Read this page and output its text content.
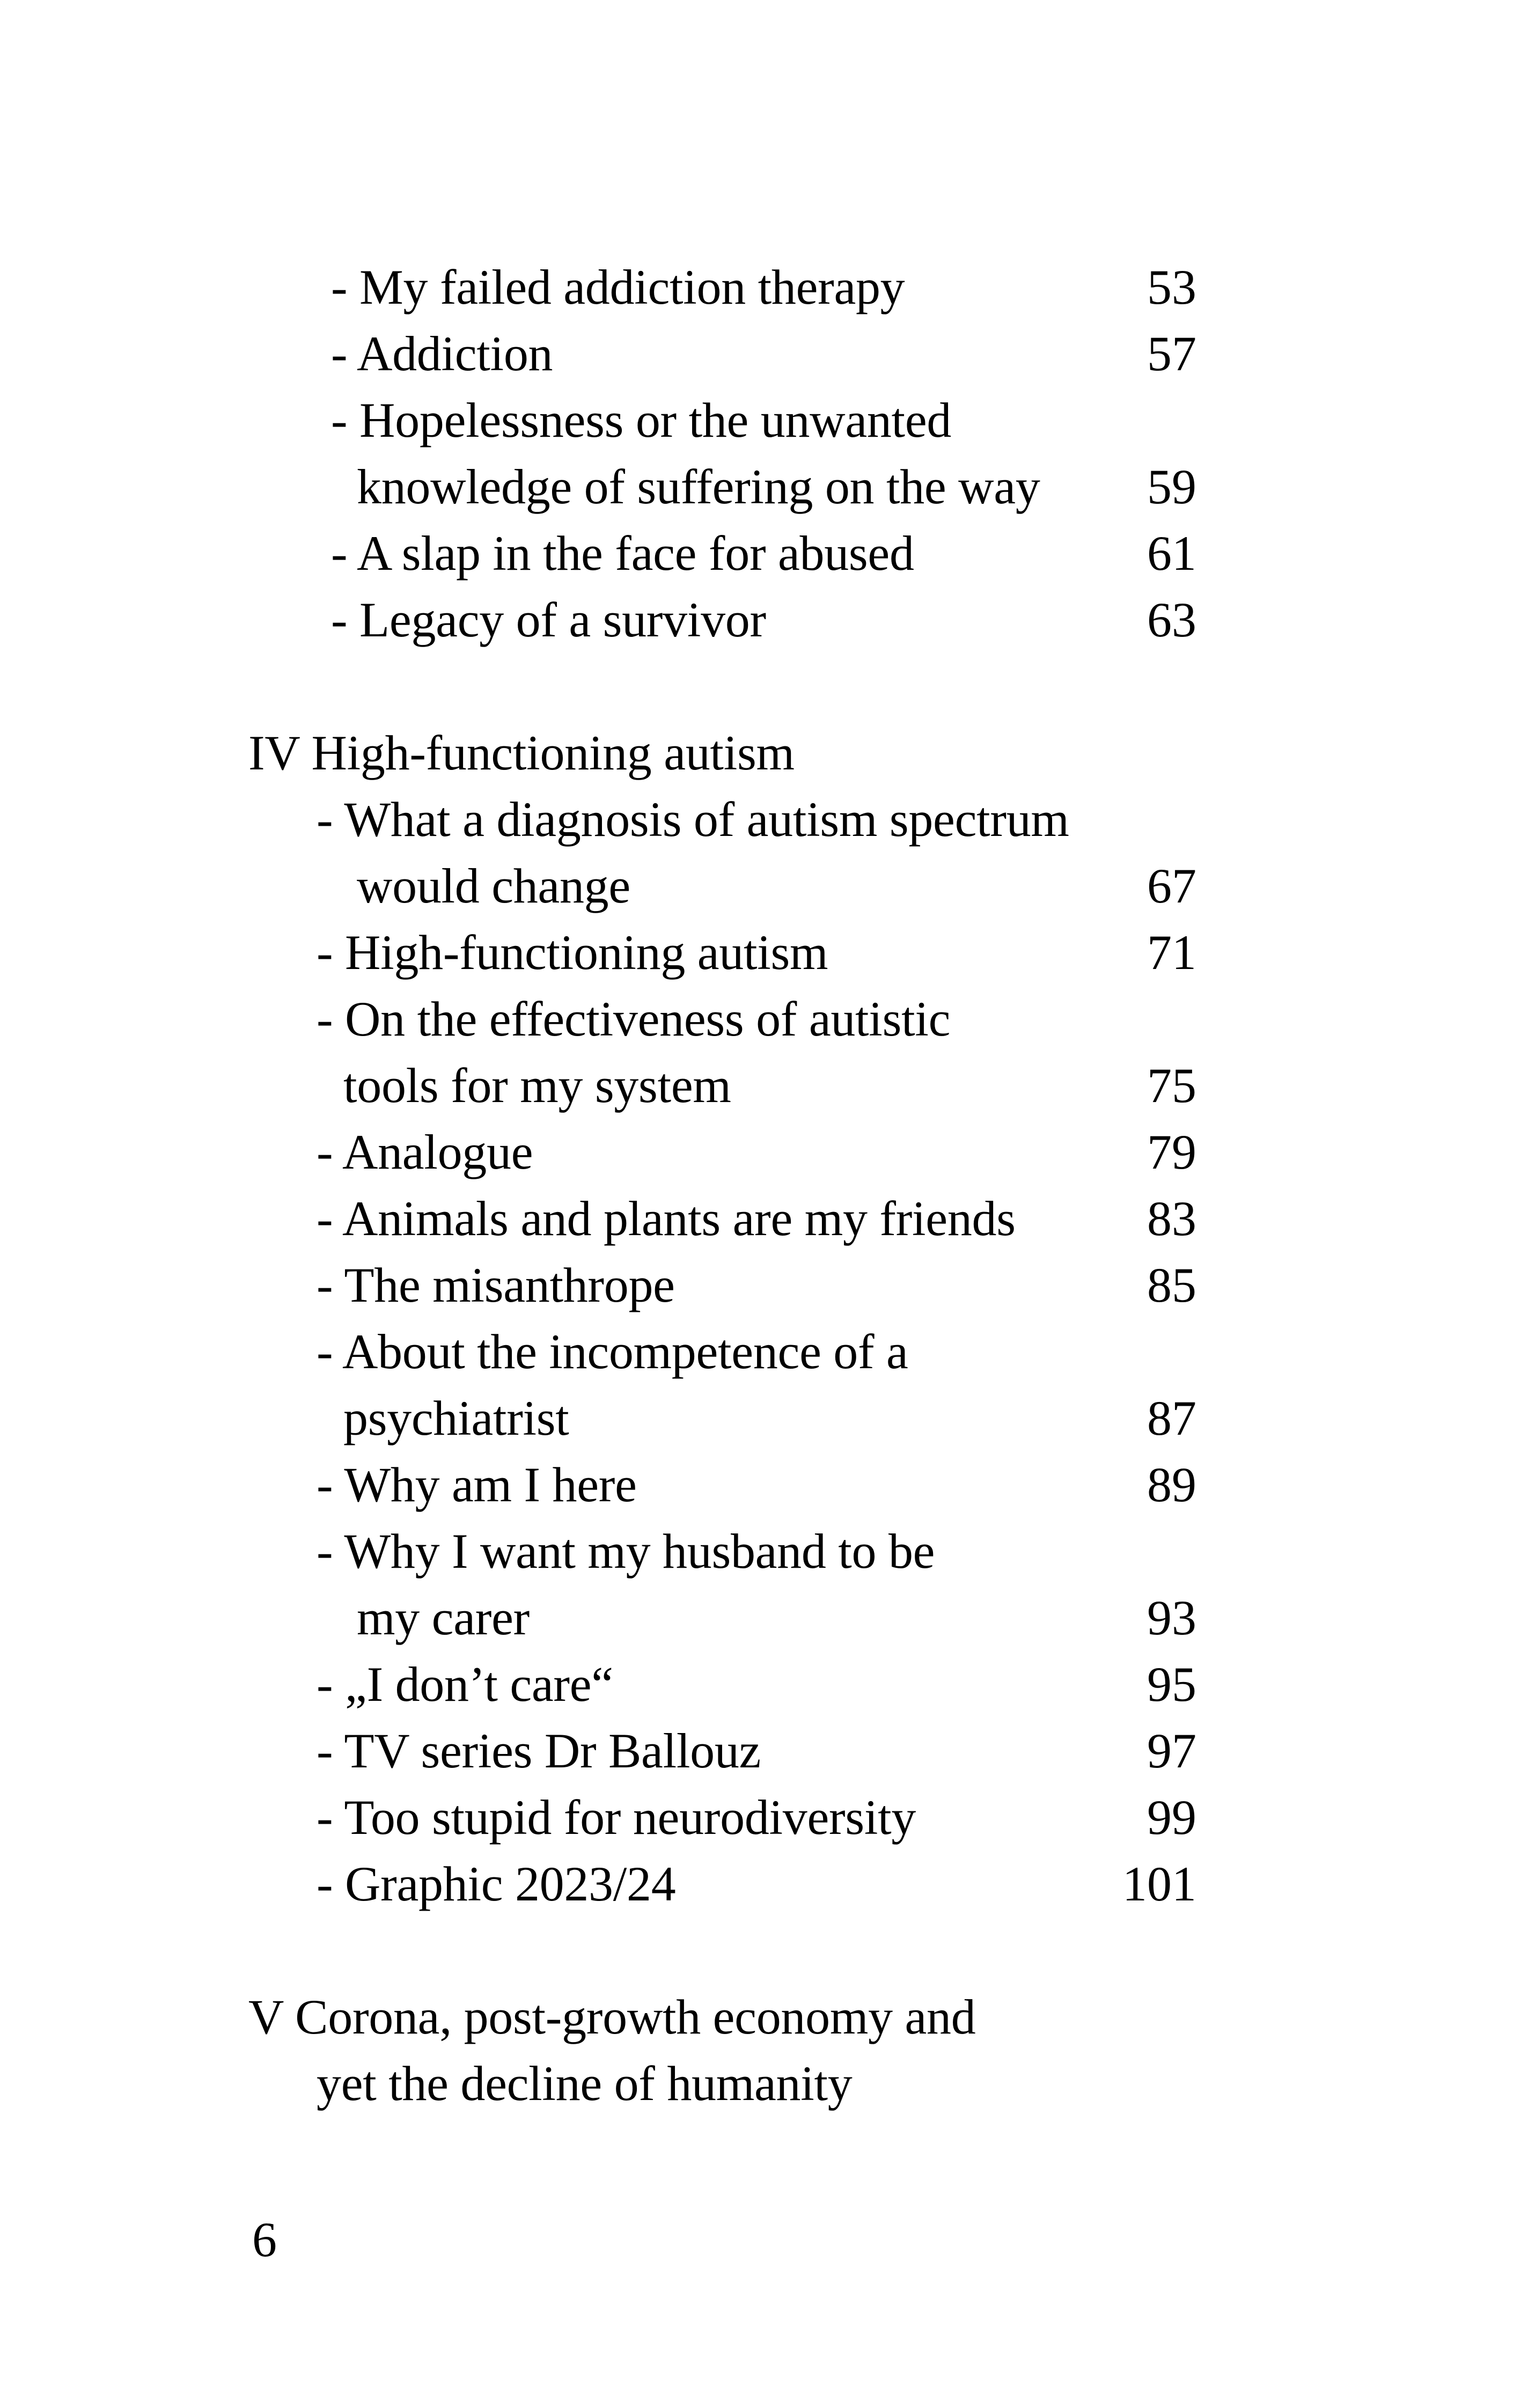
- My failed addiction therapy	53
- Addiction	57
- Hopelessness or the unwanted
knowledge of suffering on the way	59
- A slap in the face for abused	61
- Legacy of a survivor	63
IV High-functioning autism
- What a diagnosis of autism spectrum
would change	67
- High-functioning autism	71
- On the effectiveness of autistic
tools for my system	75
- Analogue	79
- Animals and plants are my friends	83
- The misanthrope	85
- About the incompetence of a
psychiatrist	87
- Why am I here	89
- Why I want my husband to be
my carer	93
- „I don’t care“	95
- TV series Dr Ballouz	97
- Too stupid for neurodiversity	99
- Graphic 2023/24	101
V Corona, post-growth economy and
yet the decline of humanity
6
